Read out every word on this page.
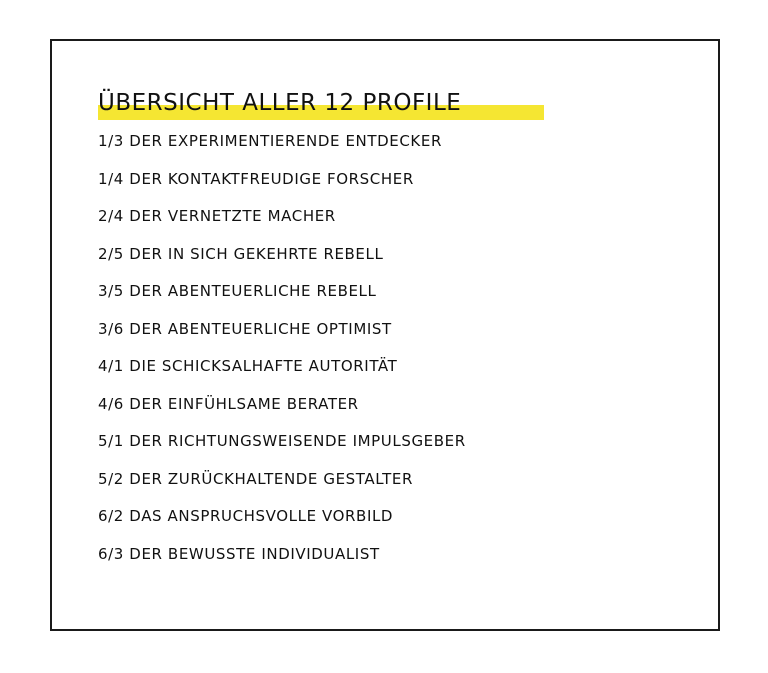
ÜBERSICHT ALLER 12 PROFILE
1/3 DER EXPERIMENTIERENDE ENTDECKER
1/4 DER KONTAKTFREUDIGE FORSCHER
2/4 DER VERNETZTE MACHER
2/5 DER IN SICH GEKEHRTE REBELL
3/5 DER ABENTEUERLICHE REBELL
3/6 DER ABENTEUERLICHE OPTIMIST
4/1 DIE SCHICKSALHAFTE AUTORITÄT
4/6 DER EINFÜHLSAME BERATER
5/1 DER RICHTUNGSWEISENDE IMPULSGEBER
5/2 DER ZURÜCKHALTENDE GESTALTER
6/2 DAS ANSPRUCHSVOLLE VORBILD
6/3 DER BEWUSSTE INDIVIDUALIST
